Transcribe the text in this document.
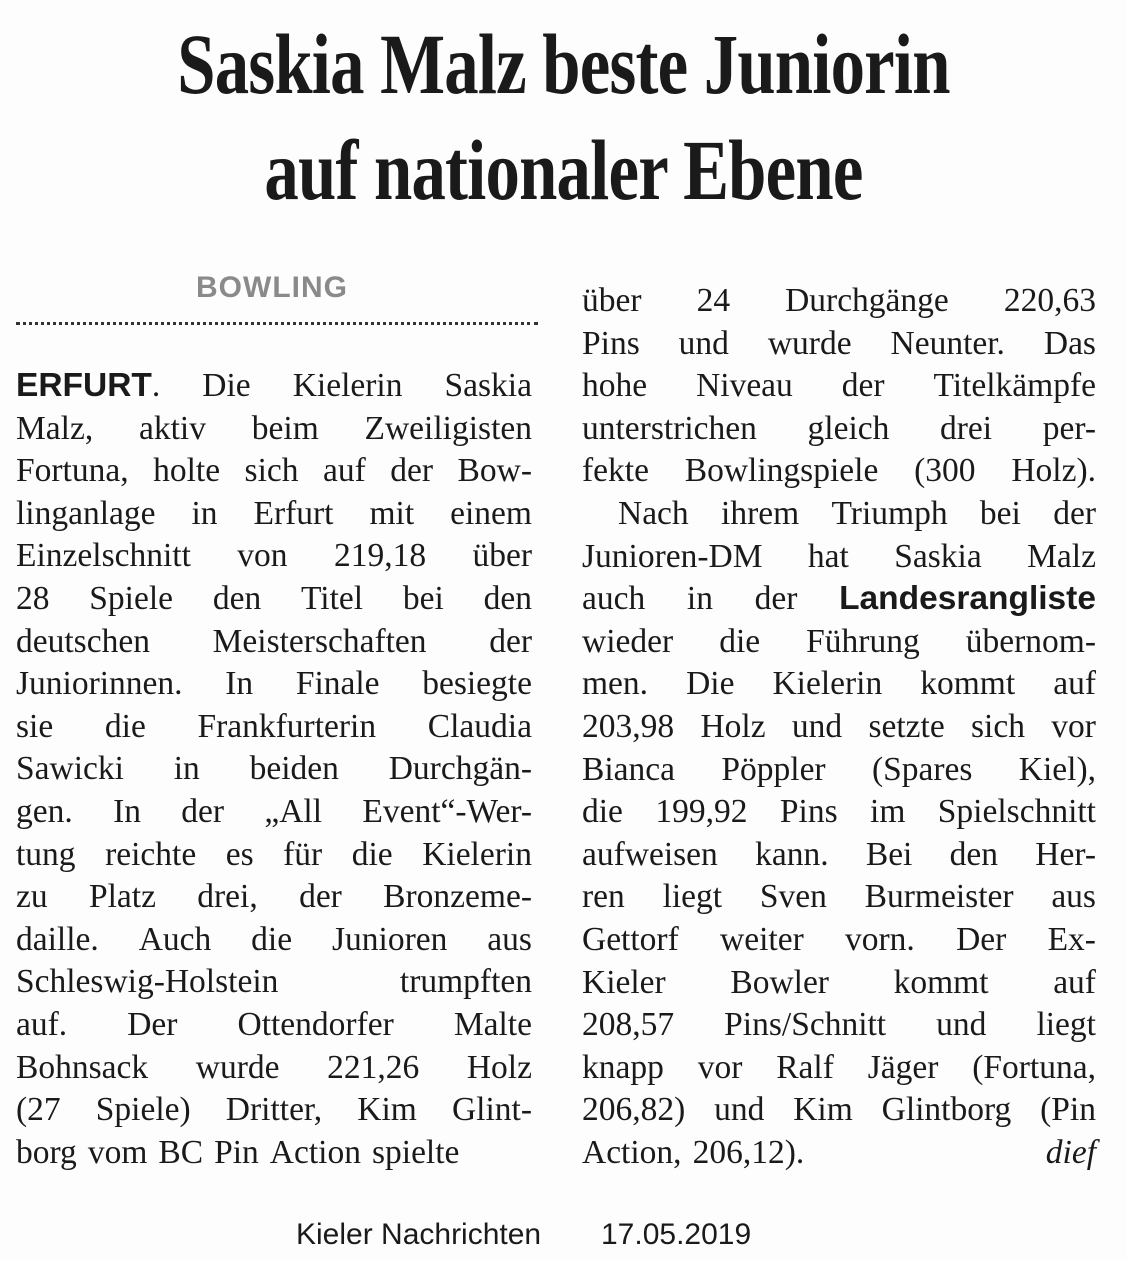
Saskia Malz beste Juniorin
auf nationaler Ebene
BOWLING
ERFURT. Die Kielerin Saskia
Malz, aktiv beim Zweiligisten
Fortuna, holte sich auf der Bow-
linganlage in Erfurt mit einem
Einzelschnitt von 219,18 über
28 Spiele den Titel bei den
deutschen Meisterschaften der
Juniorinnen. In Finale besiegte
sie die Frankfurterin Claudia
Sawicki in beiden Durchgän-
gen. In der „All Event“-Wer-
tung reichte es für die Kielerin
zu Platz drei, der Bronzeme-
daille. Auch die Junioren aus
Schleswig-Holstein	trumpften
auf. Der Ottendorfer Malte
Bohnsack wurde 221,26 Holz
(27 Spiele) Dritter, Kim Glint-
borg vom BC Pin Action spielte
über 24 Durchgänge 220,63
Pins und wurde Neunter. Das
hohe Niveau der Titelkämpfe
unterstrichen gleich drei per-
fekte Bowlingspiele (300 Holz).
Nach ihrem Triumph bei der
Junioren-DM hat Saskia Malz
auch in der Landesrangliste
wieder die Führung übernom-
men. Die Kielerin kommt auf
203,98 Holz und setzte sich vor
Bianca Pöppler (Spares Kiel),
die 199,92 Pins im Spielschnitt
aufweisen kann. Bei den Her-
ren liegt Sven Burmeister aus
Gettorf weiter vorn. Der Ex-
Kieler Bowler kommt auf
208,57 Pins/Schnitt und liegt
knapp vor Ralf Jäger (Fortuna,
206,82) und Kim Glintborg (Pin
Action, 206,12).	dief
Kieler Nachrichten 17.05.2019
